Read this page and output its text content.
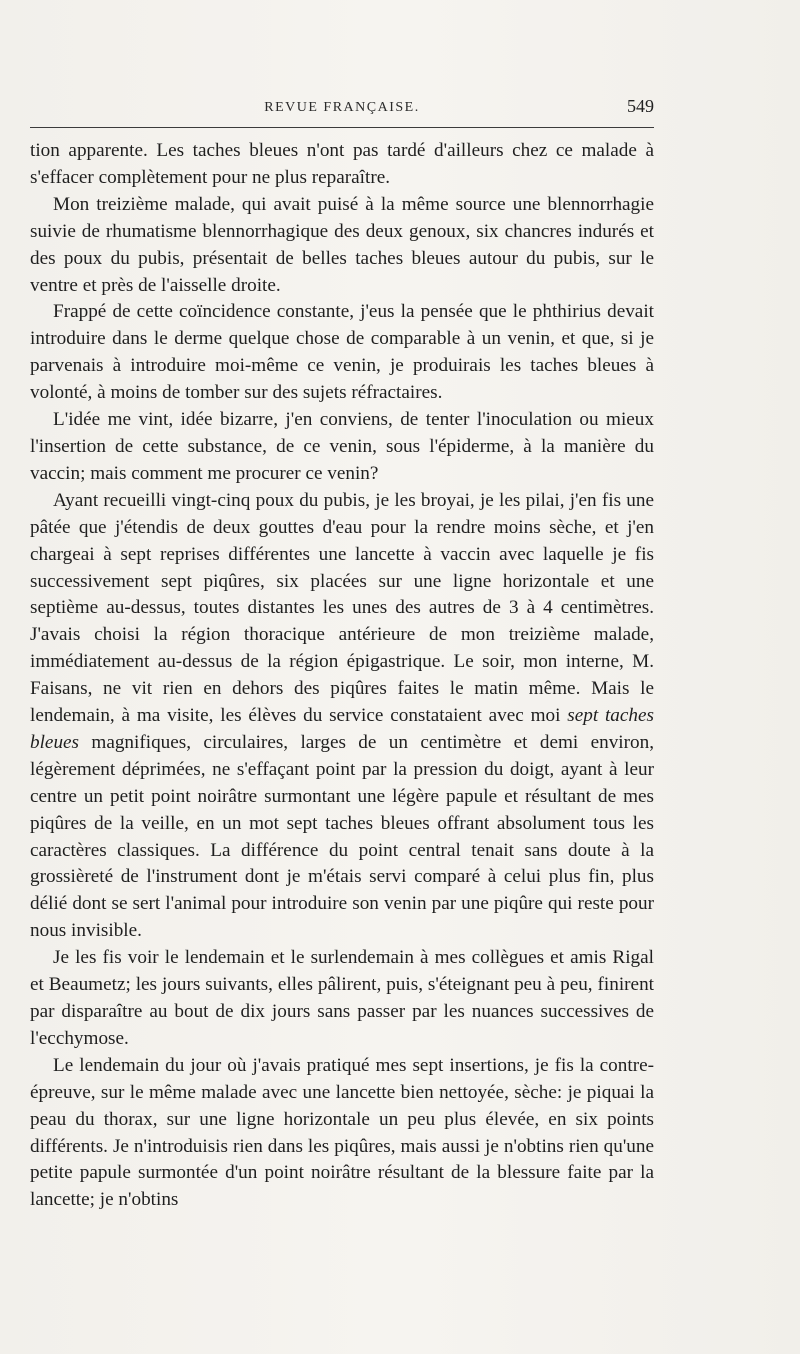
REVUE FRANÇAISE.	549

tion apparente. Les taches bleues n'ont pas tardé d'ailleurs chez ce malade à s'effacer complètement pour ne plus reparaître.

Mon treizième malade, qui avait puisé à la même source une blennorrhagie suivie de rhumatisme blennorrhagique des deux genoux, six chancres indurés et des poux du pubis, présentait de belles taches bleues autour du pubis, sur le ventre et près de l'aisselle droite.

Frappé de cette coïncidence constante, j'eus la pensée que le phthirius devait introduire dans le derme quelque chose de comparable à un venin, et que, si je parvenais à introduire moi-même ce venin, je produirais les taches bleues à volonté, à moins de tomber sur des sujets réfractaires.

L'idée me vint, idée bizarre, j'en conviens, de tenter l'inoculation ou mieux l'insertion de cette substance, de ce venin, sous l'épiderme, à la manière du vaccin; mais comment me procurer ce venin?

Ayant recueilli vingt-cinq poux du pubis, je les broyai, je les pilai, j'en fis une pâtée que j'étendis de deux gouttes d'eau pour la rendre moins sèche, et j'en chargeai à sept reprises différentes une lancette à vaccin avec laquelle je fis successivement sept piqûres, six placées sur une ligne horizontale et une septième au-dessus, toutes distantes les unes des autres de 3 à 4 centimètres. J'avais choisi la région thoracique antérieure de mon treizième malade, immédiatement au-dessus de la région épigastrique. Le soir, mon interne, M. Faisans, ne vit rien en dehors des piqûres faites le matin même. Mais le lendemain, à ma visite, les élèves du service constataient avec moi sept taches bleues magnifiques, circulaires, larges de un centimètre et demi environ, légèrement déprimées, ne s'effaçant point par la pression du doigt, ayant à leur centre un petit point noirâtre surmontant une légère papule et résultant de mes piqûres de la veille, en un mot sept taches bleues offrant absolument tous les caractères classiques. La différence du point central tenait sans doute à la grossièreté de l'instrument dont je m'étais servi comparé à celui plus fin, plus délié dont se sert l'animal pour introduire son venin par une piqûre qui reste pour nous invisible.

Je les fis voir le lendemain et le surlendemain à mes collègues et amis Rigal et Beaumetz; les jours suivants, elles pâlirent, puis, s'éteignant peu à peu, finirent par disparaître au bout de dix jours sans passer par les nuances successives de l'ecchymose.

Le lendemain du jour où j'avais pratiqué mes sept insertions, je fis la contre-épreuve, sur le même malade avec une lancette bien nettoyée, sèche: je piquai la peau du thorax, sur une ligne horizontale un peu plus élevée, en six points différents. Je n'introduisis rien dans les piqûres, mais aussi je n'obtins rien qu'une petite papule surmontée d'un point noirâtre résultant de la blessure faite par la lancette; je n'obtins
